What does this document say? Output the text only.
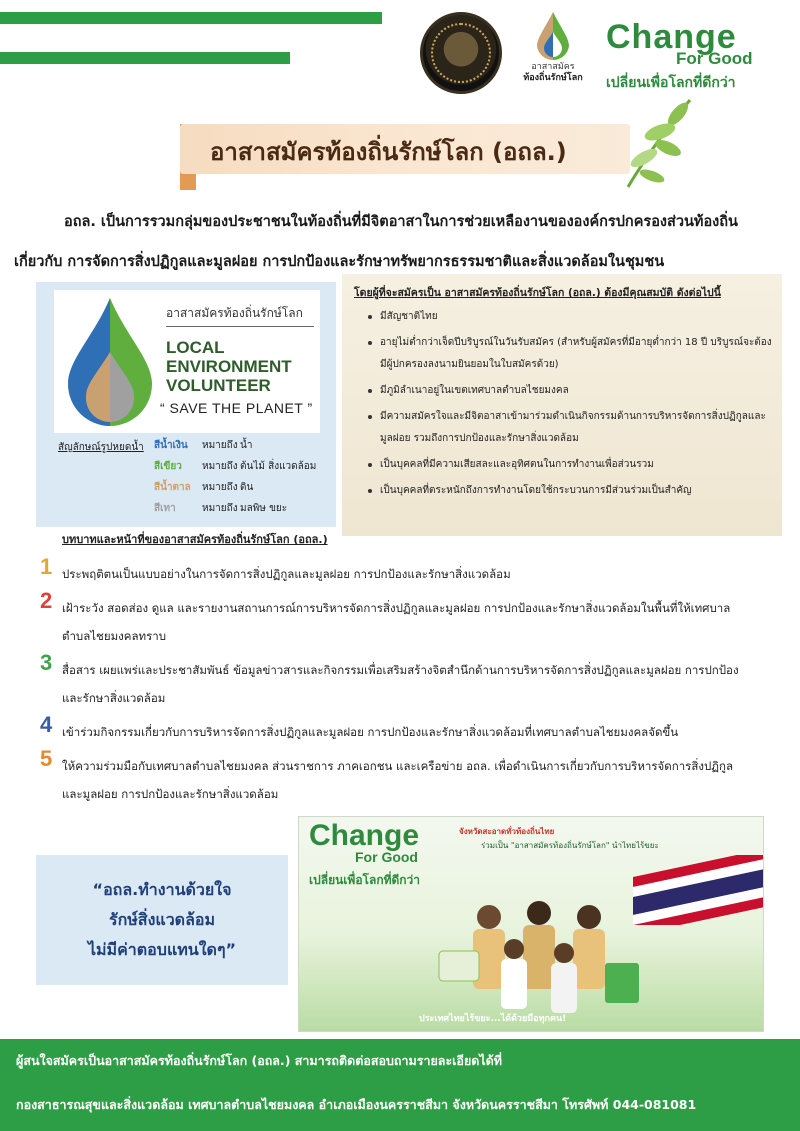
อาสาสมัคร
ท้องถิ่นรักษ์โลก
Change
For Good
เปลี่ยนเพื่อโลกที่ดีกว่า
อาสาสมัครท้องถิ่นรักษ์โลก (อถล.)
อถล. เป็นการรวมกลุ่มของประชาชนในท้องถิ่นที่มีจิตอาสาในการช่วยเหลืองานขององค์กรปกครองส่วนท้องถิ่น
เกี่ยวกับ การจัดการสิ่งปฏิกูลและมูลฝอย การปกป้องและรักษาทรัพยากรธรรมชาติและสิ่งแวดล้อมในชุมชน
อาสาสมัครท้องถิ่นรักษ์โลก
LOCAL
ENVIRONMENT
VOLUNTEER
“ SAVE THE PLANET ”
สัญลักษณ์รูปหยดน้ำ สีน้ำเงิน หมายถึง น้ำ
สีเขียว หมายถึง ต้นไม้ สิ่งแวดล้อม
สีน้ำตาล หมายถึง ดิน
สีเทา	หมายถึง มลพิษ ขยะ
โดยผู้ที่จะสมัครเป็น อาสาสมัครท้องถิ่นรักษ์โลก (อถล.) ต้องมีคุณสมบัติ ดังต่อไปนี้
มีสัญชาติไทย
อายุไม่ต่ำกว่าเจ็ดปีบริบูรณ์ในวันรับสมัคร (สำหรับผู้สมัครที่มีอายุต่ำกว่า 18 ปี บริบูรณ์จะต้องมีผู้ปกครองลงนามยินยอมในใบสมัครด้วย)
มีภูมิลำเนาอยู่ในเขตเทศบาลตำบลไชยมงคล
มีความสมัครใจและมีจิตอาสาเข้ามาร่วมดำเนินกิจกรรมด้านการบริหารจัดการสิ่งปฏิกูลและมูลฝอย รวมถึงการปกป้องและรักษาสิ่งแวดล้อม
เป็นบุคคลที่มีความเสียสละและอุทิศตนในการทำงานเพื่อส่วนรวม
เป็นบุคคลที่ตระหนักถึงการทำงานโดยใช้กระบวนการมีส่วนร่วมเป็นสำคัญ
บทบาทและหน้าที่ของอาสาสมัครท้องถิ่นรักษ์โลก (อถล.)
1 ประพฤติตนเป็นแบบอย่างในการจัดการสิ่งปฏิกูลและมูลฝอย การปกป้องและรักษาสิ่งแวดล้อม
2 เฝ้าระวัง สอดส่อง ดูแล และรายงานสถานการณ์การบริหารจัดการสิ่งปฏิกูลและมูลฝอย การปกป้องและรักษาสิ่งแวดล้อมในพื้นที่ให้เทศบาลตำบลไชยมงคลทราบ
3 สื่อสาร เผยแพร่และประชาสัมพันธ์ ข้อมูลข่าวสารและกิจกรรมเพื่อเสริมสร้างจิตสำนึกด้านการบริหารจัดการสิ่งปฏิกูลและมูลฝอย การปกป้องและรักษาสิ่งแวดล้อม
4 เข้าร่วมกิจกรรมเกี่ยวกับการบริหารจัดการสิ่งปฏิกูลและมูลฝอย การปกป้องและรักษาสิ่งแวดล้อมที่เทศบาลตำบลไชยมงคลจัดขึ้น
5 ให้ความร่วมมือกับเทศบาลตำบลไชยมงคล ส่วนราชการ ภาคเอกชน และเครือข่าย อถล. เพื่อดำเนินการเกี่ยวกับการบริหารจัดการสิ่งปฏิกูลและมูลฝอย การปกป้องและรักษาสิ่งแวดล้อม
“อถล.ทำงานด้วยใจ
รักษ์สิ่งแวดล้อม
ไม่มีค่าตอบแทนใดๆ”
Change
For Good
เปลี่ยนเพื่อโลกที่ดีกว่า
จังหวัดสะอาดทั่วท้องถิ่นไทย
ร่วมเป็น "อาสาสมัครท้องถิ่นรักษ์โลก" นำไทยไร้ขยะ
ประเทศไทยไร้ขยะ...ได้ด้วยมือทุกคน!
ผู้สนใจสมัครเป็นอาสาสมัครท้องถิ่นรักษ์โลก (อถล.) สามารถติดต่อสอบถามรายละเอียดได้ที่
กองสาธารณสุขและสิ่งแวดล้อม เทศบาลตำบลไชยมงคล อำเภอเมืองนครราชสีมา จังหวัดนครราชสีมา โทรศัพท์ 044-081081
